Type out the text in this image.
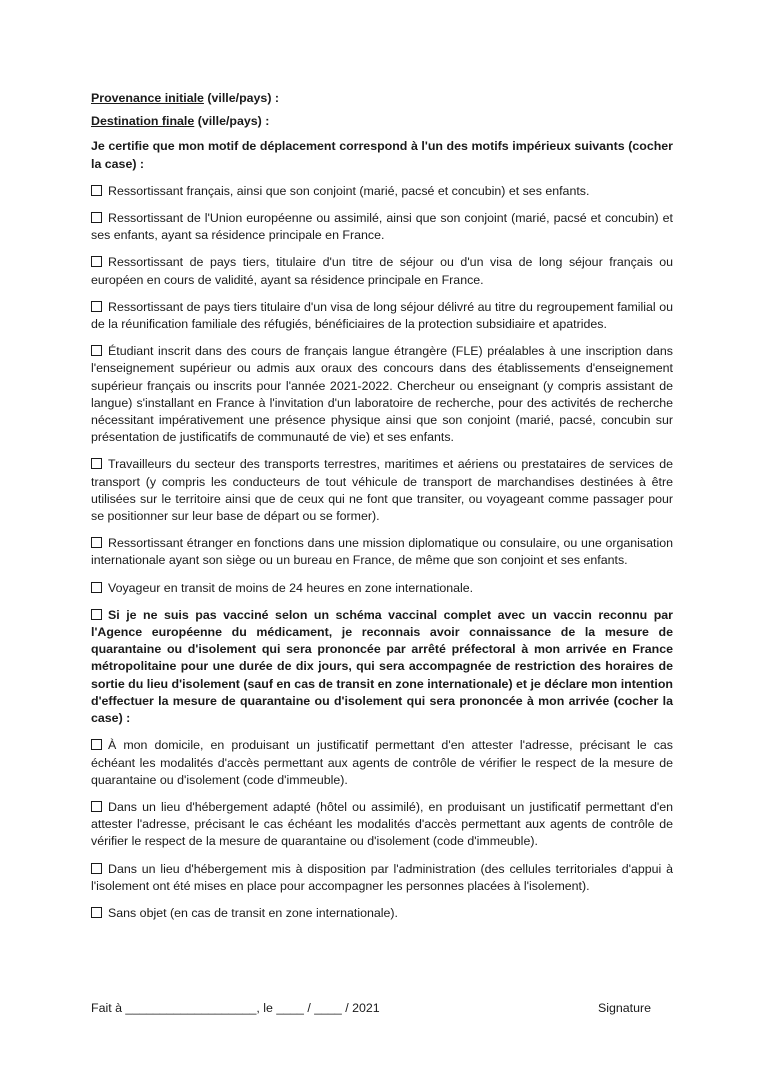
Provenance initiale (ville/pays) :
Destination finale (ville/pays) :
Je certifie que mon motif de déplacement correspond à l'un des motifs impérieux suivants (cocher la case) :
Ressortissant français, ainsi que son conjoint (marié, pacsé et concubin) et ses enfants.
Ressortissant de l'Union européenne ou assimilé, ainsi que son conjoint (marié, pacsé et concubin) et ses enfants, ayant sa résidence principale en France.
Ressortissant de pays tiers, titulaire d'un titre de séjour ou d'un visa de long séjour français ou européen en cours de validité, ayant sa résidence principale en France.
Ressortissant de pays tiers titulaire d'un visa de long séjour délivré au titre du regroupement familial ou de la réunification familiale des réfugiés, bénéficiaires de la protection subsidiaire et apatrides.
Étudiant inscrit dans des cours de français langue étrangère (FLE) préalables à une inscription dans l'enseignement supérieur ou admis aux oraux des concours dans des établissements d'enseignement supérieur français ou inscrits pour l'année 2021-2022. Chercheur ou enseignant (y compris assistant de langue) s'installant en France à l'invitation d'un laboratoire de recherche, pour des activités de recherche nécessitant impérativement une présence physique ainsi que son conjoint (marié, pacsé, concubin sur présentation de justificatifs de communauté de vie) et ses enfants.
Travailleurs du secteur des transports terrestres, maritimes et aériens ou prestataires de services de transport (y compris les conducteurs de tout véhicule de transport de marchandises destinées à être utilisées sur le territoire ainsi que de ceux qui ne font que transiter, ou voyageant comme passager pour se positionner sur leur base de départ ou se former).
Ressortissant étranger en fonctions dans une mission diplomatique ou consulaire, ou une organisation internationale ayant son siège ou un bureau en France, de même que son conjoint et ses enfants.
Voyageur en transit de moins de 24 heures en zone internationale.
Si je ne suis pas vacciné selon un schéma vaccinal complet avec un vaccin reconnu par l'Agence européenne du médicament, je reconnais avoir connaissance de la mesure de quarantaine ou d'isolement qui sera prononcée par arrêté préfectoral à mon arrivée en France métropolitaine pour une durée de dix jours, qui sera accompagnée de restriction des horaires de sortie du lieu d'isolement (sauf en cas de transit en zone internationale) et je déclare mon intention d'effectuer la mesure de quarantaine ou d'isolement qui sera prononcée à mon arrivée (cocher la case) :
À mon domicile, en produisant un justificatif permettant d'en attester l'adresse, précisant le cas échéant les modalités d'accès permettant aux agents de contrôle de vérifier le respect de la mesure de quarantaine ou d'isolement (code d'immeuble).
Dans un lieu d'hébergement adapté (hôtel ou assimilé), en produisant un justificatif permettant d'en attester l'adresse, précisant le cas échéant les modalités d'accès permettant aux agents de contrôle de vérifier le respect de la mesure de quarantaine ou d'isolement (code d'immeuble).
Dans un lieu d'hébergement mis à disposition par l'administration (des cellules territoriales d'appui à l'isolement ont été mises en place pour accompagner les personnes placées à l'isolement).
Sans objet (en cas de transit en zone internationale).
Fait à ___________________, le ____ / ____ / 2021	Signature
